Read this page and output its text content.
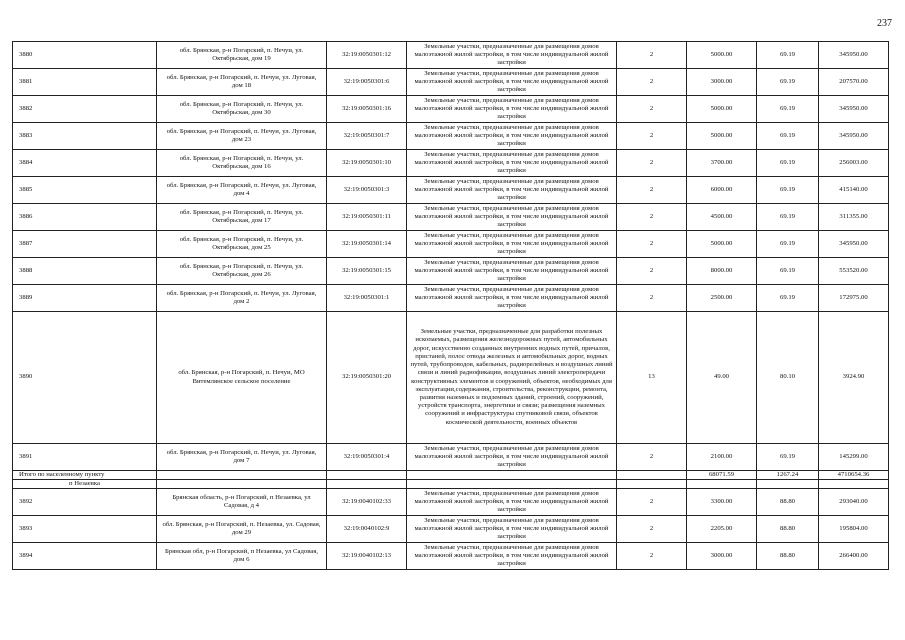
237
3880	обл. Брянская, р-н Погарский, п. Нечуи, ул. Октябрьская, дом 19	32:19:0050301:12	Земельные участки, предназначенные для размещения домов малоэтажной жилой застройки, в том числе индивидуальной жилой застройки	2	5000.00	69.19	345950.00
3881	обл. Брянская, р-н Погарский, п. Нечуи, ул. Луговая, дом 18	32:19:0050301:6	Земельные участки, предназначенные для размещения домов малоэтажной жилой застройки, в том числе индивидуальной жилой застройки	2	3000.00	69.19	207570.00
3882	обл. Брянская, р-н Погарский, п. Нечуи, ул. Октябрьская, дом 30	32:19:0050301:16	Земельные участки, предназначенные для размещения домов малоэтажной жилой застройки, в том числе индивидуальной жилой застройки	2	5000.00	69.19	345950.00
3883	обл. Брянская, р-н Погарский, п. Нечуи, ул. Луговая, дом 23	32:19:0050301:7	Земельные участки, предназначенные для размещения домов малоэтажной жилой застройки, в том числе индивидуальной жилой застройки	2	5000.00	69.19	345950.00
3884	обл. Брянская, р-н Погарский, п. Нечуи, ул. Октябрьская, дом 16	32:19:0050301:10	Земельные участки, предназначенные для размещения домов малоэтажной жилой застройки, в том числе индивидуальной жилой застройки	2	3700.00	69.19	256003.00
3885	обл. Брянская, р-н Погарский, п. Нечуи, ул. Луговая, дом 4	32:19:0050301:3	Земельные участки, предназначенные для размещения домов малоэтажной жилой застройки, в том числе индивидуальной жилой застройки	2	6000.00	69.19	415140.00
3886	обл. Брянская, р-н Погарский, п. Нечуи, ул. Октябрьская, дом 17	32:19:0050301:11	Земельные участки, предназначенные для размещения домов малоэтажной жилой застройки, в том числе индивидуальной жилой застройки	2	4500.00	69.19	311355.00
3887	обл. Брянская, р-н Погарский, п. Нечуи, ул. Октябрьская, дом 25	32:19:0050301:14	Земельные участки, предназначенные для размещения домов малоэтажной жилой застройки, в том числе индивидуальной жилой застройки	2	5000.00	69.19	345950.00
3888	обл. Брянская, р-н Погарский, п. Нечуи, ул. Октябрьская, дом 26	32:19:0050301:15	Земельные участки, предназначенные для размещения домов малоэтажной жилой застройки, в том числе индивидуальной жилой застройки	2	8000.00	69.19	553520.00
3889	обл. Брянская, р-н Погарский, п. Нечуи, ул. Луговая, дом 2	32:19:0050301:1	Земельные участки, предназначенные для размещения домов малоэтажной жилой застройки, в том числе индивидуальной жилой застройки	2	2500.00	69.19	172975.00
3890	обл. Брянская, р-н Погарский, п. Нечуи, МО Витемлянское сельское поселение	32:19:0050301:20	Земельные участки, предназначенные для разработки полезных ископаемых, размещения железнодорожных путей, автомобильных дорог, искусственно созданных внутренних водных путей, причалов, пристаней, полос отвода железных и автомобильных дорог, водных путей, трубопроводов, кабельных, радиорелейных и воздушных линий связи и линий радиофикации, воздушных линий электропередачи конструктивных элементов и сооружений, объектов, необходимых для эксплуатации,содержания, строительства, реконструкции, ремонта, развития наземных и подземных зданий, строений, сооружений, устройств транспорта, энергетики и связи; размещения наземных сооружений и инфраструктуры спутниковой связи, объектов космической деятельности, военных объектов	13	49.00	80.10	3924.90
3891	обл. Брянская, р-н Погарский, п. Нечуи, ул. Луговая, дом 7	32:19:0050301:4	Земельные участки, предназначенные для размещения домов малоэтажной жилой застройки, в том числе индивидуальной жилой застройки	2	2100.00	69.19	145299.00
Итого по населенному пункту					68071.59	1267.24	4710654.36
п Незаевка							
3892	Брянская область, р-н Погарский, п Незаевка, ул Садовая, д 4	32:19:0040102:33	Земельные участки, предназначенные для размещения домов малоэтажной жилой застройки, в том числе индивидуальной жилой застройки	2	3300.00	88.80	293040.00
3893	обл. Брянская, р-н Погарский, п. Незаевка, ул. Садовая, дом 29	32:19:0040102:9	Земельные участки, предназначенные для размещения домов малоэтажной жилой застройки, в том числе индивидуальной жилой застройки	2	2205.00	88.80	195804.00
3894	Брянская обл, р-н Погарский, п Незаевка, ул Садовая, дом 6	32:19:0040102:13	Земельные участки, предназначенные для размещения домов малоэтажной жилой застройки, в том числе индивидуальной жилой застройки	2	3000.00	88.80	266400.00
